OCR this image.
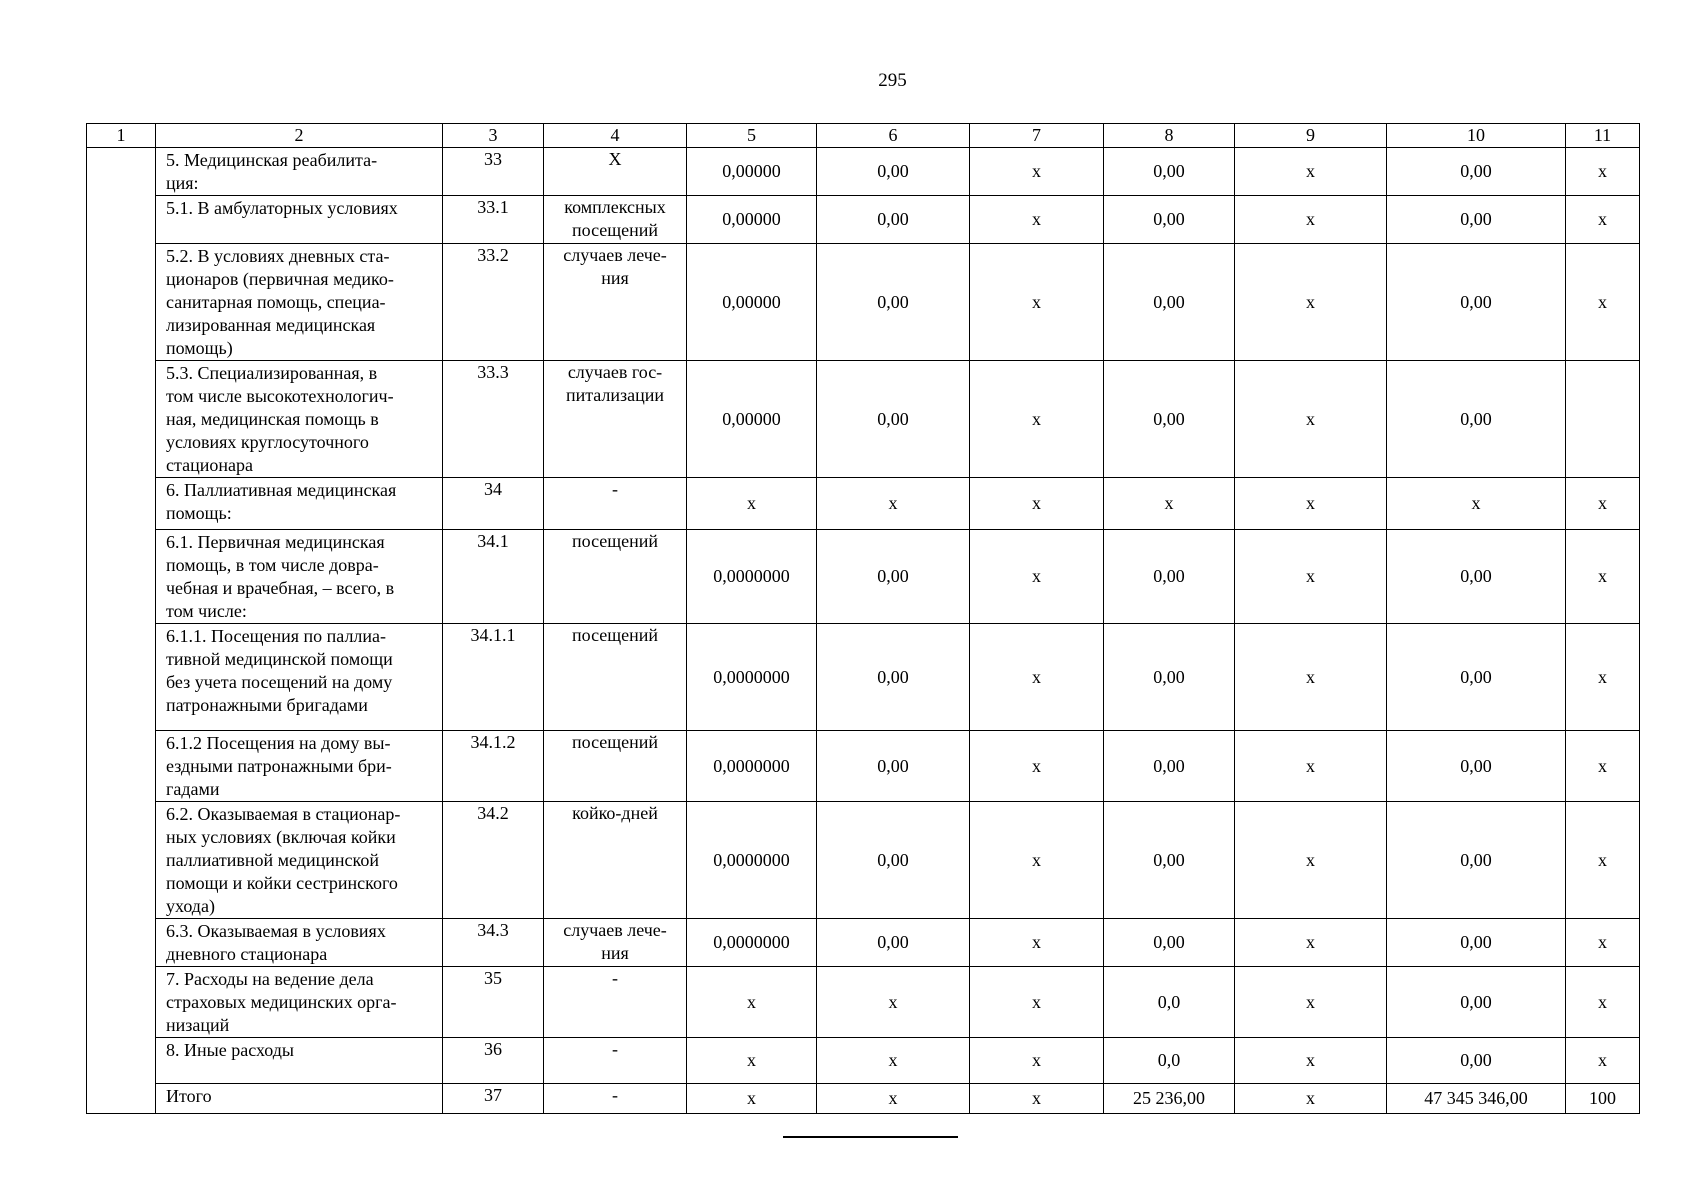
295
1	2	3	4	5	6	7	8	9	10	11
	5. Медицинская реабилита-
ция:	33	Х	0,00000	0,00	х	0,00	х	0,00	х
	5.1. В амбулаторных условиях	33.1	комплексных
посещений	0,00000	0,00	х	0,00	х	0,00	х
	5.2. В условиях дневных ста-
ционаров (первичная медико-
санитарная помощь, специа-
лизированная медицинская
помощь)	33.2	случаев лече-
ния	0,00000	0,00	х	0,00	х	0,00	х
	5.3. Специализированная, в
том числе высокотехнологич-
ная, медицинская помощь в
условиях круглосуточного
стационара	33.3	случаев гос-
питализации	0,00000	0,00	х	0,00	х	0,00	
	6. Паллиативная медицинская
помощь:	34	-	х	х	х	х	х	х	х
	6.1. Первичная медицинская
помощь, в том числе довра-
чебная и врачебная, – всего, в
том числе:	34.1	посещений	0,0000000	0,00	х	0,00	х	0,00	х
	6.1.1. Посещения по паллиа-
тивной медицинской помощи
без учета посещений на дому
патронажными бригадами	34.1.1	посещений	0,0000000	0,00	х	0,00	х	0,00	х
	6.1.2 Посещения на дому вы-
ездными патронажными бри-
гадами	34.1.2	посещений	0,0000000	0,00	х	0,00	х	0,00	х
	6.2. Оказываемая в стационар-
ных условиях (включая койки
паллиативной медицинской
помощи и койки сестринского
ухода)	34.2	койко-дней	0,0000000	0,00	х	0,00	х	0,00	х
	6.3. Оказываемая в условиях
дневного стационара	34.3	случаев лече-
ния	0,0000000	0,00	х	0,00	х	0,00	х
	7. Расходы на ведение дела
страховых медицинских орга-
низаций	35	-	х	х	х	0,0	х	0,00	х
	8. Иные расходы	36	-	х	х	х	0,0	х	0,00	х
	Итого	37	-	х	х	х	25 236,00	х	47 345 346,00	100
